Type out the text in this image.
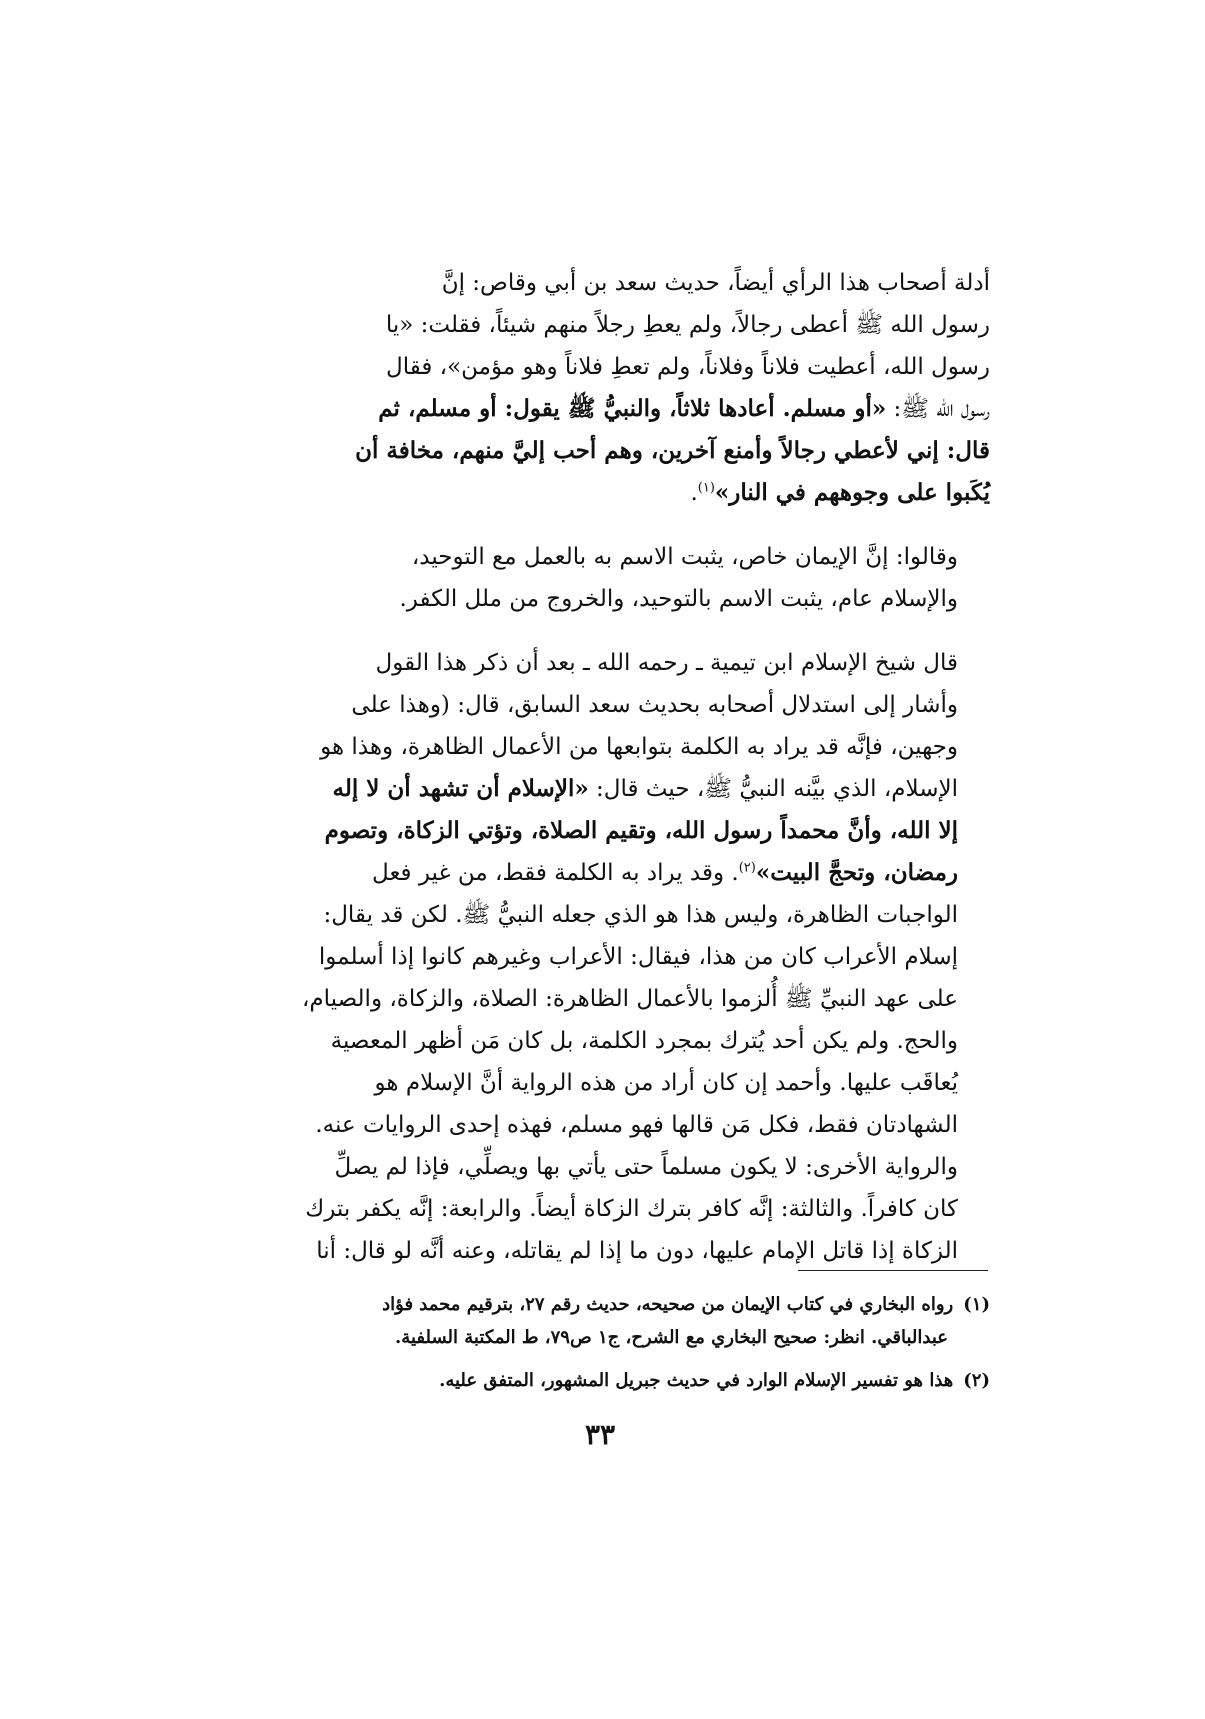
أدلة أصحاب هذا الرأي أيضاً، حديث سعد بن أبي وقاص: إنَّ
رسول الله ﷺ أعطى رجالاً، ولم يعطِ رجلاً منهم شيئاً، فقلت: «يا
رسول الله، أعطيت فلاناً وفلاناً، ولم تعطِ فلاناً وهو مؤمن»، فقال
رسول الله ﷺ: «أو مسلم. أعادها ثلاثاً، والنبيُّ ﷺ يقول: أو مسلم، ثم
قال: إني لأعطي رجالاً وأمنع آخرين، وهم أحب إليَّ منهم، مخافة أن
يُكَبوا على وجوههم في النار»$^{(١)}$.
وقالوا: إنَّ الإيمان خاص، يثبت الاسم به بالعمل مع التوحيد،
والإسلام عام، يثبت الاسم بالتوحيد، والخروج من ملل الكفر.
قال شيخ الإسلام ابن تيمية ـ رحمه الله ـ بعد أن ذكر هذا القول
وأشار إلى استدلال أصحابه بحديث سعد السابق، قال: (وهذا على
وجهين، فإنَّه قد يراد به الكلمة بتوابعها من الأعمال الظاهرة، وهذا هو
الإسلام، الذي بيَّنه النبيُّ ﷺ، حيث قال: «الإسلام أن تشهد أن لا إله
إلا الله، وأنَّ محمداً رسول الله، وتقيم الصلاة، وتؤتي الزكاة، وتصوم
رمضان، وتحجَّ البيت»$^{(٢)}$. وقد يراد به الكلمة فقط، من غير فعل
الواجبات الظاهرة، وليس هذا هو الذي جعله النبيُّ ﷺ. لكن قد يقال:
إسلام الأعراب كان من هذا، فيقال: الأعراب وغيرهم كانوا إذا أسلموا
على عهد النبيِّ ﷺ أُلزموا بالأعمال الظاهرة: الصلاة، والزكاة، والصيام،
والحج. ولم يكن أحد يُترك بمجرد الكلمة، بل كان مَن أظهر المعصية
يُعاقَب عليها. وأحمد إن كان أراد من هذه الرواية أنَّ الإسلام هو
الشهادتان فقط، فكل مَن قالها فهو مسلم، فهذه إحدى الروايات عنه.
والرواية الأخرى: لا يكون مسلماً حتى يأتي بها ويصلِّي، فإذا لم يصلِّ
كان كافراً. والثالثة: إنَّه كافر بترك الزكاة أيضاً. والرابعة: إنَّه يكفر بترك
الزكاة إذا قاتل الإمام عليها، دون ما إذا لم يقاتله، وعنه أنَّه لو قال: أنا
(١)رواه البخاري في كتاب الإيمان من صحيحه، حديث رقم ٢٧، بترقيم محمد فؤاد
عبدالباقي. انظر: صحيح البخاري مع الشرح، ج١ ص٧٩، ط المكتبة السلفية.
(٢)هذا هو تفسير الإسلام الوارد في حديث جبريل المشهور، المتفق عليه.
٣٣
